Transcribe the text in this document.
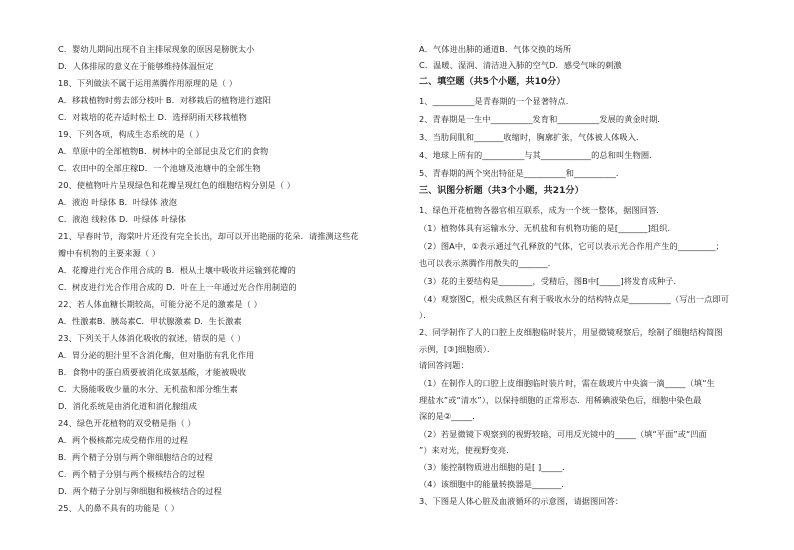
C．婴幼儿期间出现不自主排尿现象的原因是膀胱太小
D．人体排尿的意义在于能够维持体温恒定
18、下列做法不属于运用蒸腾作用原理的是（ ）
A．移栽植物时剪去部分枝叶 B．对移栽后的植物进行遮阳
C．对栽培的花卉适时松土 D．选择阴雨天移栽植物
19、下列各项，构成生态系统的是（ ）
A．草原中的全部植物B．树林中的全部昆虫及它们的食物
C．农田中的全部庄稼D．一个池塘及池塘中的全部生物
20、使植物叶片呈现绿色和花瓣呈现红色的细胞结构分别是（ ）
A．液泡 叶绿体 B．叶绿体 液泡
C．液泡 线粒体 D．叶绿体 叶绿体
21、早春时节，海棠叶片还没有完全长出，却可以开出艳丽的花朵．请推测这些花
瓣中有机物的主要来源（ ）
A．花瓣进行光合作用合成的 B．根从土壤中吸收并运输到花瓣的
C．树皮进行光合作用合成的 D．叶在上一年通过光合作用制造的
22、若人体血糖长期较高，可能分泌不足的激素是（ ）
A．性激素B．胰岛素C．甲状腺激素 D．生长激素
23、下列关于人体消化吸收的叙述，错误的是（ ）
A．胃分泌的胆汁里不含消化酶，但对脂肪有乳化作用
B．食物中的蛋白质要被消化成氨基酸，才能被吸收
C．大肠能吸收少量的水分、无机盐和部分维生素
D．消化系统是由消化道和消化腺组成
24、绿色开花植物的双受精是指（ ）
A．两个极核都完成受精作用的过程
B．两个精子分别与两个卵细胞结合的过程
C．两个精子分别与两个极核结合的过程
D．两个精子分别与卵细胞和极核结合的过程
25、人的鼻不具有的功能是（ ）
A．气体进出肺的通道B．气体交换的场所
C．温暖、湿润、清洁进入肺的空气D．感受气味的刺激
二、填空题（共5个小题，共10分）
1、__________是青春期的一个显著特点．
2、青春期是一生中__________发育和__________发展的黄金时期．
3、当肋间肌和_______收缩时，胸廓扩张，气体被人体吸入．
4、地球上所有的__________与其____________的总和叫生物圈．
5、青春期的两个突出特征是__________和__________．
三、识图分析题（共3个小题，共21分）
1、绿色开花植物各器官相互联系，成为一个统一整体，据图回答．
（1）植物体具有运输水分、无机盐和有机物功能的是[_______]组织．
（2）图A中，①表示通过气孔释放的气体，它可以表示光合作用产生的_________；
也可以表示蒸腾作用散失的_______．
（3）花的主要结构是________，受精后，图B中[_____]将发育成种子．
（4）观察图C，根尖成熟区有利于吸收水分的结构特点是__________（写出一点即可
）．
2、同学制作了人的口腔上皮细胞临时装片，用显微镜观察后，绘制了细胞结构简图
示例，[③]细胞质）．
请回答问题：
（1）在制作人的口腔上皮细胞临时装片时，需在载玻片中央滴一滴_____（填“生
理盐水”或“清水”），以保持细胞的正常形态．用稀碘液染色后，细胞中染色最
深的是②_____．
（2）若显微镜下观察到的视野较暗，可用反光镜中的_____（填“平面”或“凹面
”）来对光，使视野变亮．
（3）能控制物质进出细胞的是[ ]_____．
（4）该细胞中的能量转换器是_______．
3、下图是人体心脏及血液循环的示意图，请据图回答：
